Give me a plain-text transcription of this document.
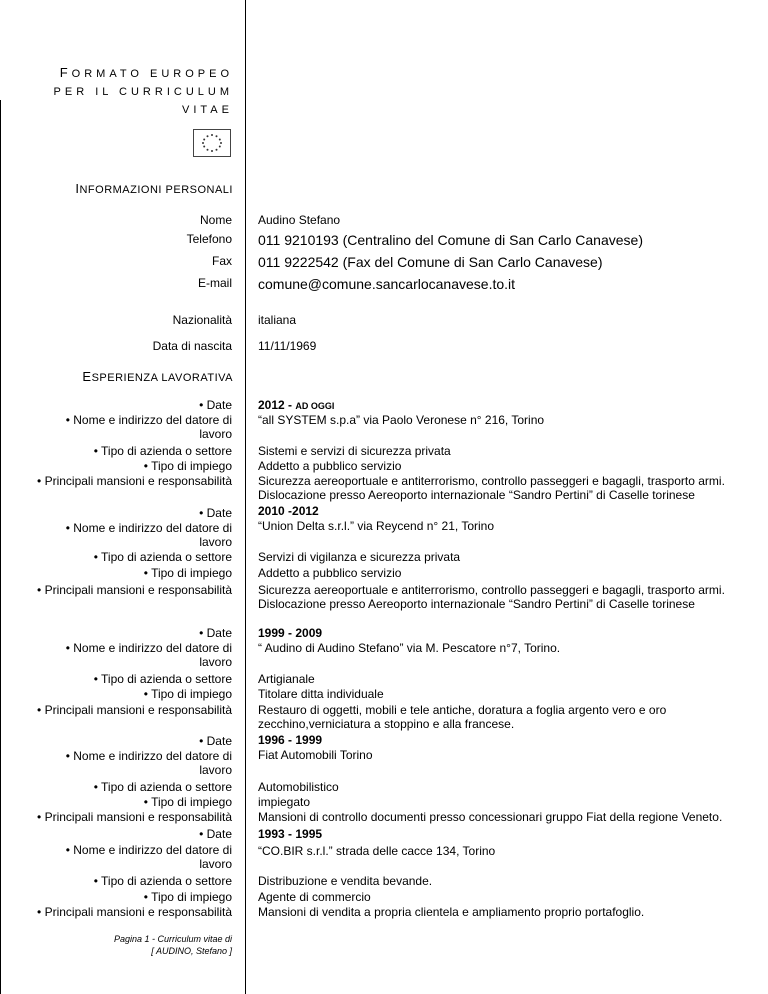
FORMATO EUROPEO
PER IL CURRICULUM
VITAE
INFORMAZIONI PERSONALI
Nome Audino Stefano
Telefono 011 9210193 (Centralino del Comune di San Carlo Canavese)
Fax 011 9222542 (Fax del Comune di San Carlo Canavese)
E-mail comune@comune.sancarlocanavese.to.it
Nazionalità italiana
Data di nascita 11/11/1969
ESPERIENZA LAVORATIVA
• Date 2012 - AD OGGI
• Nome e indirizzo del datore di
lavoro
“all SYSTEM s.p.a” via Paolo Veronese n° 216, Torino
• Tipo di azienda o settore Sistemi e servizi di sicurezza privata
• Tipo di impiego Addetto a pubblico servizio
• Principali mansioni e responsabilità Sicurezza aereoportuale e antiterrorismo, controllo passeggeri e bagagli, trasporto armi.
Dislocazione presso Aereoporto internazionale “Sandro Pertini” di Caselle torinese
• Date 2010 -2012
• Nome e indirizzo del datore di
lavoro
“Union Delta s.r.l.” via Reycend n° 21, Torino
• Tipo di azienda o settore Servizi di vigilanza e sicurezza privata
• Tipo di impiego Addetto a pubblico servizio
• Principali mansioni e responsabilità Sicurezza aereoportuale e antiterrorismo, controllo passeggeri e bagagli, trasporto armi.
Dislocazione presso Aereoporto internazionale “Sandro Pertini” di Caselle torinese
• Date 1999 - 2009
• Nome e indirizzo del datore di
lavoro
“ Audino di Audino Stefano” via M. Pescatore n°7, Torino.
• Tipo di azienda o settore Artigianale
• Tipo di impiego Titolare ditta individuale
• Principali mansioni e responsabilità Restauro di oggetti, mobili e tele antiche, doratura a foglia argento vero e oro
zecchino,verniciatura a stoppino e alla francese.
• Date 1996 - 1999
• Nome e indirizzo del datore di
lavoro
Fiat Automobili Torino
• Tipo di azienda o settore Automobilistico
• Tipo di impiego impiegato
• Principali mansioni e responsabilità Mansioni di controllo documenti presso concessionari gruppo Fiat della regione Veneto.
• Date 1993 - 1995
• Nome e indirizzo del datore di
lavoro
“CO.BIR s.r.l.” strada delle cacce 134, Torino
• Tipo di azienda o settore Distribuzione e vendita bevande.
• Tipo di impiego Agente di commercio
• Principali mansioni e responsabilità Mansioni di vendita a propria clientela e ampliamento proprio portafoglio.
Pagina 1 - Curriculum vitae di
[ AUDINO, Stefano ]
